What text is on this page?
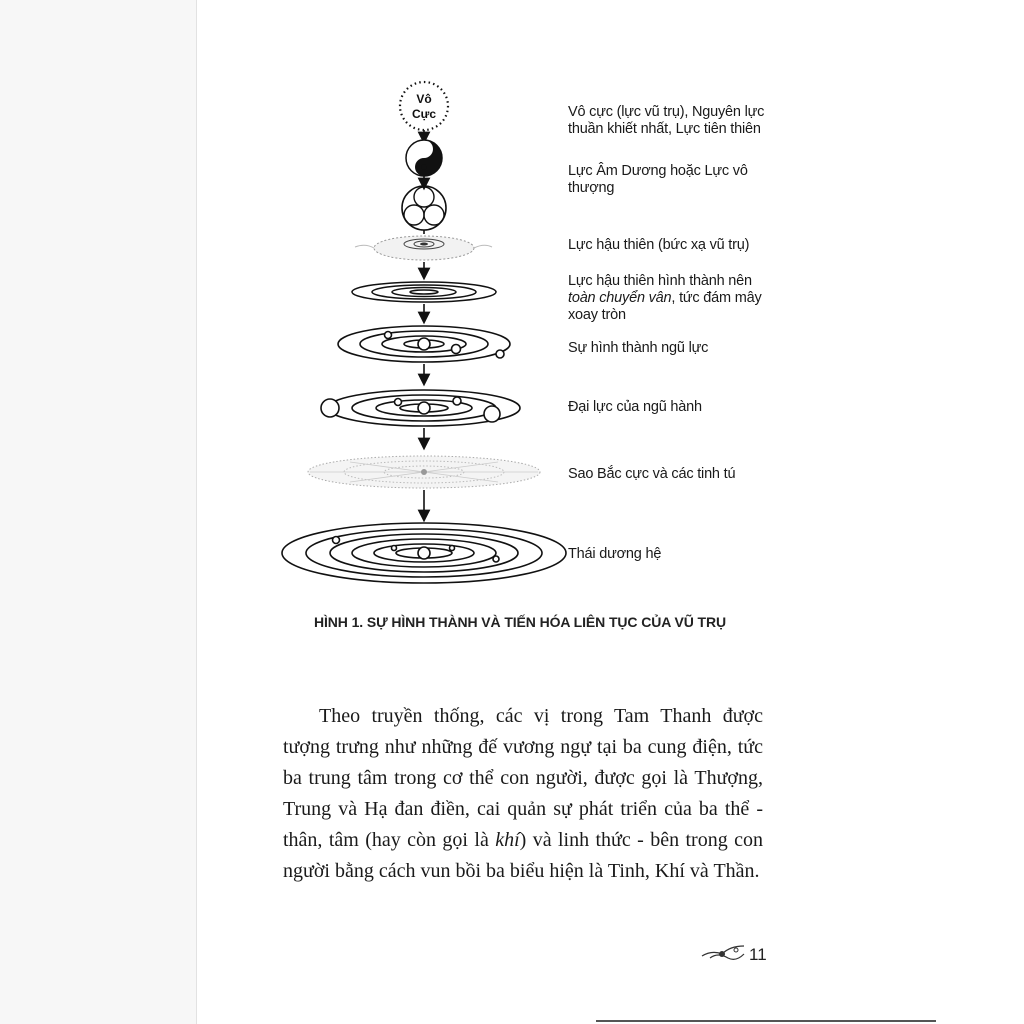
Vô
Cực	Vô cực (lực vũ trụ), Nguyên lực
thuần khiết nhất, Lực tiên thiên
Lực Âm Dương hoặc Lực vô
thượng
Lực hậu thiên (bức xạ vũ trụ)
Lực hậu thiên hình thành nên
toàn chuyển vân, tức đám mây
xoay tròn
Sự hình thành ngũ lực
Đại lực của ngũ hành
Sao Bắc cực và các tinh tú
Thái dương hệ
HÌNH 1. SỰ HÌNH THÀNH VÀ TIẾN HÓA LIÊN TỤC CỦA VŨ TRỤ

Theo truyền thống, các vị trong Tam Thanh được tượng trưng như những đế vương ngự tại ba cung điện, tức ba trung tâm trong cơ thể con người, được gọi là Thượng, Trung và Hạ đan điền, cai quản sự phát triển của ba thể - thân, tâm (hay còn gọi là khí) và linh thức - bên trong con người bằng cách vun bồi ba biểu hiện là Tinh, Khí và Thần.

11
